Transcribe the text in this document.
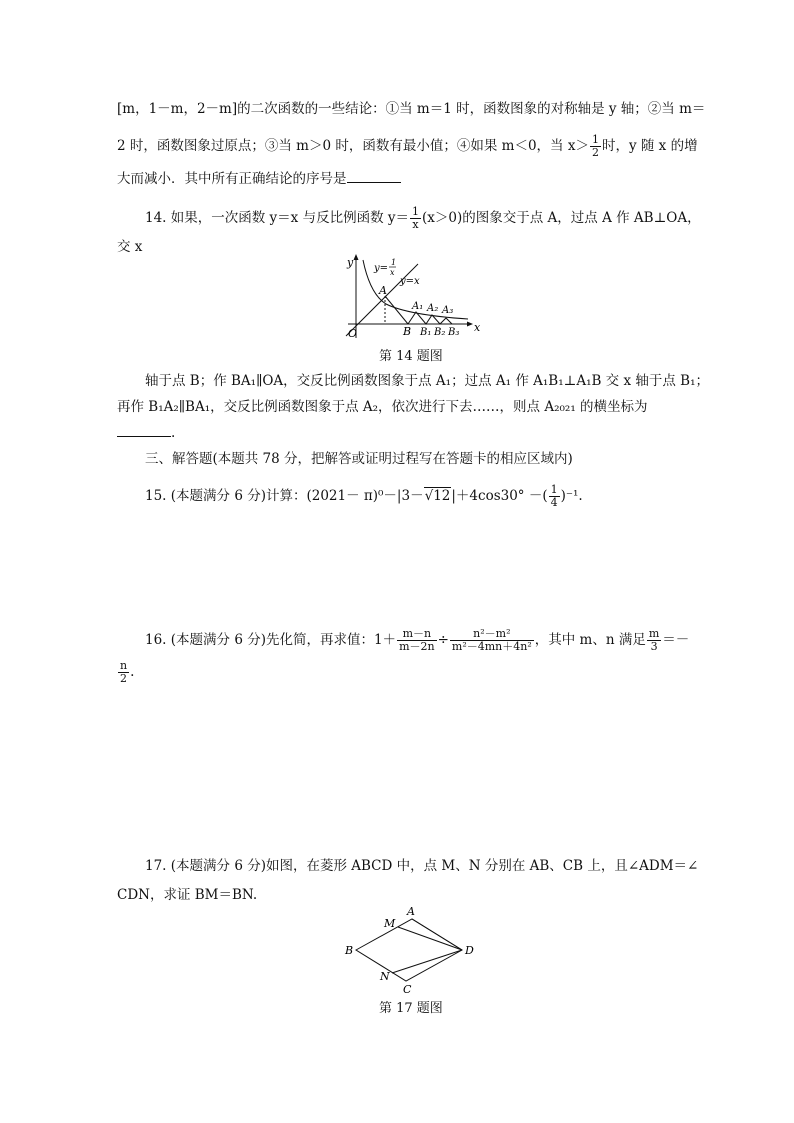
[m，1－m，2－m]的二次函数的一些结论：①当 m＝1 时，函数图象的对称轴是 y 轴；②当 m＝
2 时，函数图象过原点；③当 m＞0 时，函数有最小值；④如果 m＜0，当 $x> \frac{1}{2}$ 时，y 随 x 的增
大而减小．其中所有正确结论的序号是
14. 如果，一次函数 y＝x 与反比例函数 $y= \frac{1}{x} (x>0)$的图象交于点 A，过点 A 作 AB⊥OA，
交 x
y
x
O
A
B
A₁ A₂ A₃
B₁ B₂ B₃
y=
1
x
y=x
第 14 题图
轴于点 B；作 BA₁∥OA，交反比例函数图象于点 A₁；过点 A₁ 作 A₁B₁⊥A₁B 交 x 轴于点 B₁；
再作 B₁A₂∥BA₁，交反比例函数图象于点 A₂，依次进行下去……，则点 A₂₀₂₁ 的横坐标为
.
三、解答题(本题共 78 分，把解答或证明过程写在答题卡的相应区域内)
15. (本题满分 6 分)计算：(2021－ π)⁰－|3－√12|＋4cos30° －( $\frac{1}{4} )^{-1}$.
16. (本题满分 6 分)先化简，再求值：$1+ \frac{m-n}{m-2n} \div \frac{\text{n²－m²}}{\text{m²－4mn＋4n²}}$ ，其中 m、n 满足 $\frac{m}{3}$ ＝－
$\frac{n}{2}$ .
17. (本题满分 6 分)如图，在菱形 ABCD 中，点 M、N 分别在 AB、CB 上，且∠ADM＝∠
CDN，求证 BM＝BN.
A
B
C
D
M
N
第 17 题图
